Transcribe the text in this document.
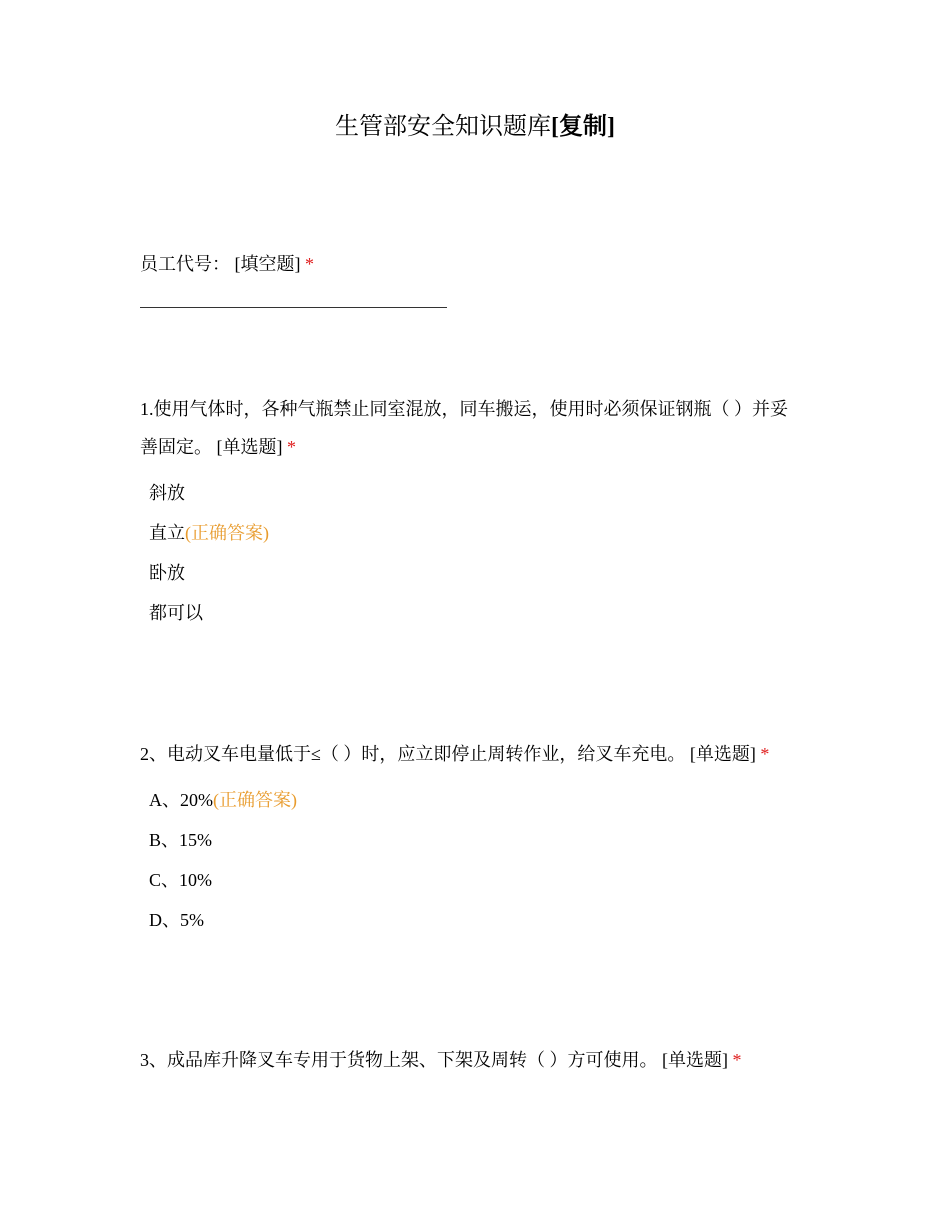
生管部安全知识题库[复制]
员工代号： [填空题] *
1.使用气体时，各种气瓶禁止同室混放，同车搬运，使用时必须保证钢瓶（ ）并妥
善固定。 [单选题] *
斜放
直立(正确答案)
卧放
都可以
2、电动叉车电量低于≤（ ）时，应立即停止周转作业，给叉车充电。 [单选题] *
A、20%(正确答案)
B、15%
C、10%
D、5%
3、成品库升降叉车专用于货物上架、下架及周转（ ）方可使用。 [单选题] *
